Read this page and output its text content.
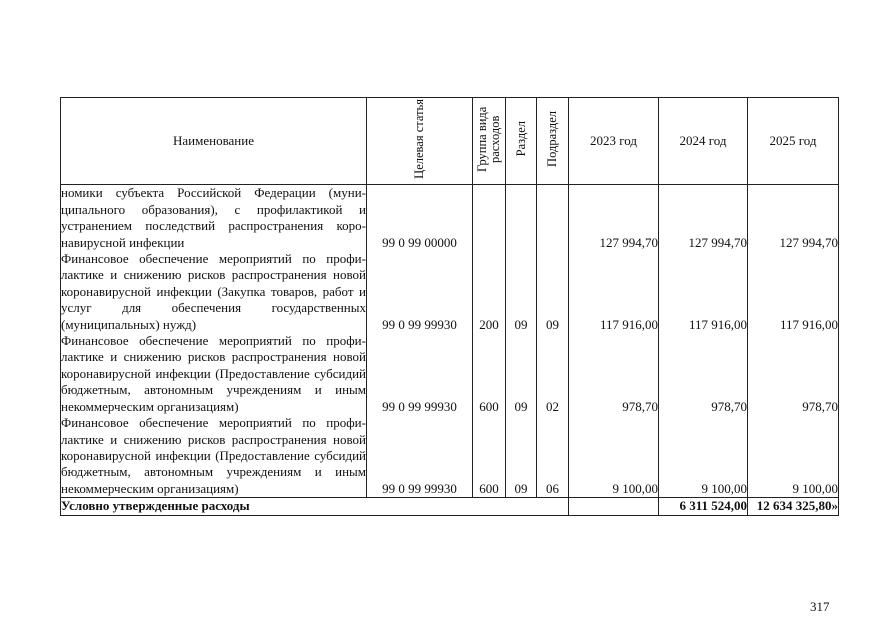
Наименование	Целевая статья	Группа вида расходов	Раздел	Подраздел	2023 год	2024 год	2025 год
номики субъекта Российской Федерации (муниципального образования), с профилактикой и устранением последствий распространения коронавирусной инфекции	99 0 99 00000				127 994,70	127 994,70	127 994,70
Финансовое обеспечение мероприятий по профилактике и снижению рисков распространения новой коронавирусной инфекции (Закупка товаров, работ и услуг для обеспечения государственных (муниципальных) нужд)	99 0 99 99930	200	09	09	117 916,00	117 916,00	117 916,00
Финансовое обеспечение мероприятий по профилактике и снижению рисков распространения новой коронавирусной инфекции (Предоставление субсидий бюджетным, автономным учреждениям и иным некоммерческим организациям)	99 0 99 99930	600	09	02	978,70	978,70	978,70
Финансовое обеспечение мероприятий по профилактике и снижению рисков распространения новой коронавирусной инфекции (Предоставление субсидий бюджетным, автономным учреждениям и иным некоммерческим организациям)	99 0 99 99930	600	09	06	9 100,00	9 100,00	9 100,00
Условно утвержденные расходы						6 311 524,00	12 634 325,80»
317
